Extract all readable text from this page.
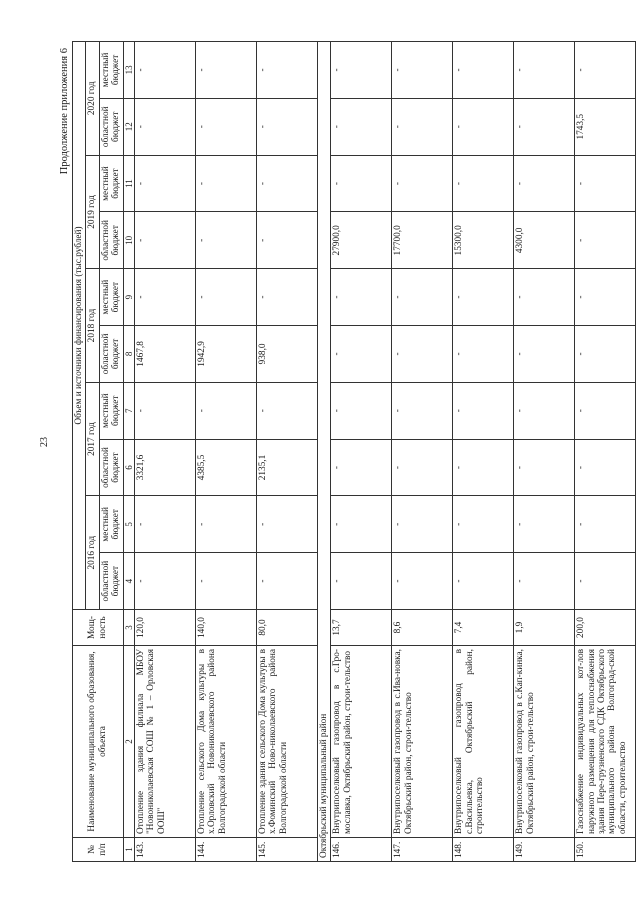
23
Продолжение приложения 6
№ п/п	Наименование муниципального образования, объекта	Мощ-ность	Объем и источники финансирования (тыс.рублей)									
			2016 год		2017 год		2018 год		2019 год		2020 год	
			областной бюджет	местный бюджет	областной бюджет	местный бюджет	областной бюджет	местный бюджет	областной бюджет	местный бюджет	областной бюджет	местный бюджет
1	2	3	4	5	6	7	8	9	10	11	12	13
143.	Отопление здания филиала МБОУ "Новониколаевская СОШ № 1 – Орловская ООШ"	120,0	-	-	3321,6	-	1467,8	-	-	-	-	-
144.	Отопление сельского Дома культуры в х.Орловский Новониколаевского района Волгоградской области	140,0	-	-	4385,5	-	1942,9	-	-	-	-	-
145.	Отопление здания сельского Дома культуры в х.Фоминский Ново-николаевского района Волгоградской области	80,0	-	-	2135,1	-	938,0	-	-	-	-	-
Октябрьский муниципальный район												
146.	Внутрипоселковый газопровод в с.Гро-мославка, Октябрьский район, строи-тельство	13,7	-	-	-	-	-	-	27900,0	-	-	-
147.	Внутрипоселковый газопровод в с.Ива-новка, Октябрьский район, строи-тельство	8,6	-	-	-	-	-	-	17700,0	-	-	-
148.	Внутрипоселковый газопровод в с.Васильевка, Октябрьский район, строительство	7,4	-	-	-	-	-	-	15300,0	-	-	-
149.	Внутрипоселковый газопровод в с.Кап-кинка, Октябрьский район, строи-тельство	1,9	-	-	-	-	-	-	4300,0	-	-	-
150.	Газоснабжение индивидуальных кот-лов наружного размещения для теплоснабжения здания Пере-грузненского СДК Октябрьского муниципального района Волгоград-ской области, строительство	200,0	-	-	-	-	-	-	-	-	1743,5	-
